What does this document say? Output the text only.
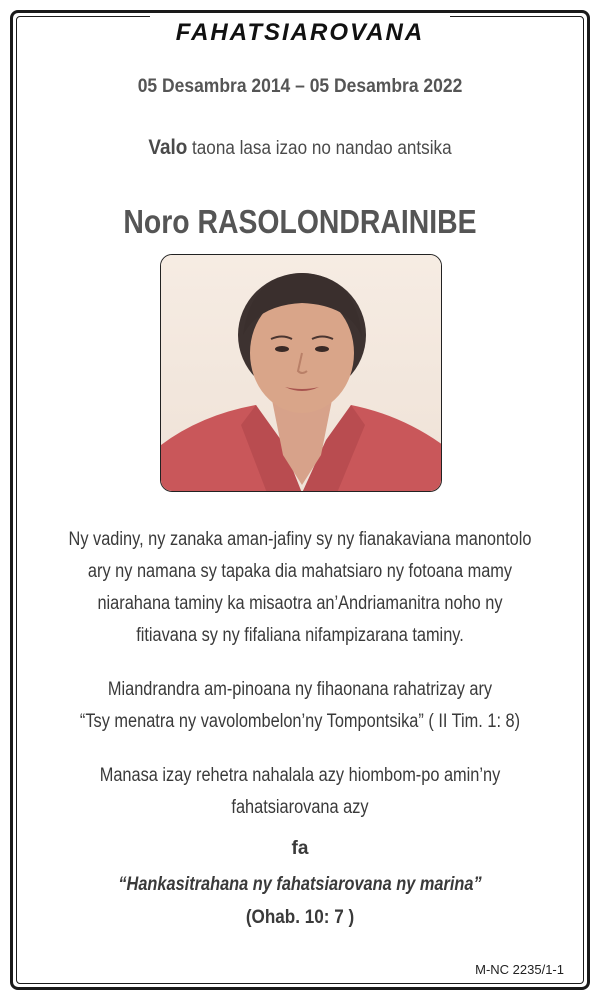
FAHATSIAROVANA
05 Desambra 2014 – 05 Desambra 2022
Valo taona lasa izao no nandao antsika
Noro RASOLONDRAINIBE
Ny vadiny, ny zanaka aman-jafiny sy ny fianakaviana manontolo
ary ny namana sy tapaka dia mahatsiaro ny fotoana mamy
niarahana taminy ka misaotra an’Andriamanitra noho ny
fitiavana sy ny fifaliana nifampizarana taminy.
Miandrandra am-pinoana ny fihaonana rahatrizay ary
“Tsy menatra ny vavolombelon’ny Tompontsika” ( II Tim. 1: 8)
Manasa izay rehetra nahalala azy hiombom-po amin’ny
fahatsiarovana azy
fa
“Hankasitrahana ny fahatsiarovana ny marina”
(Ohab. 10: 7 )
M-NC 2235/1-1
